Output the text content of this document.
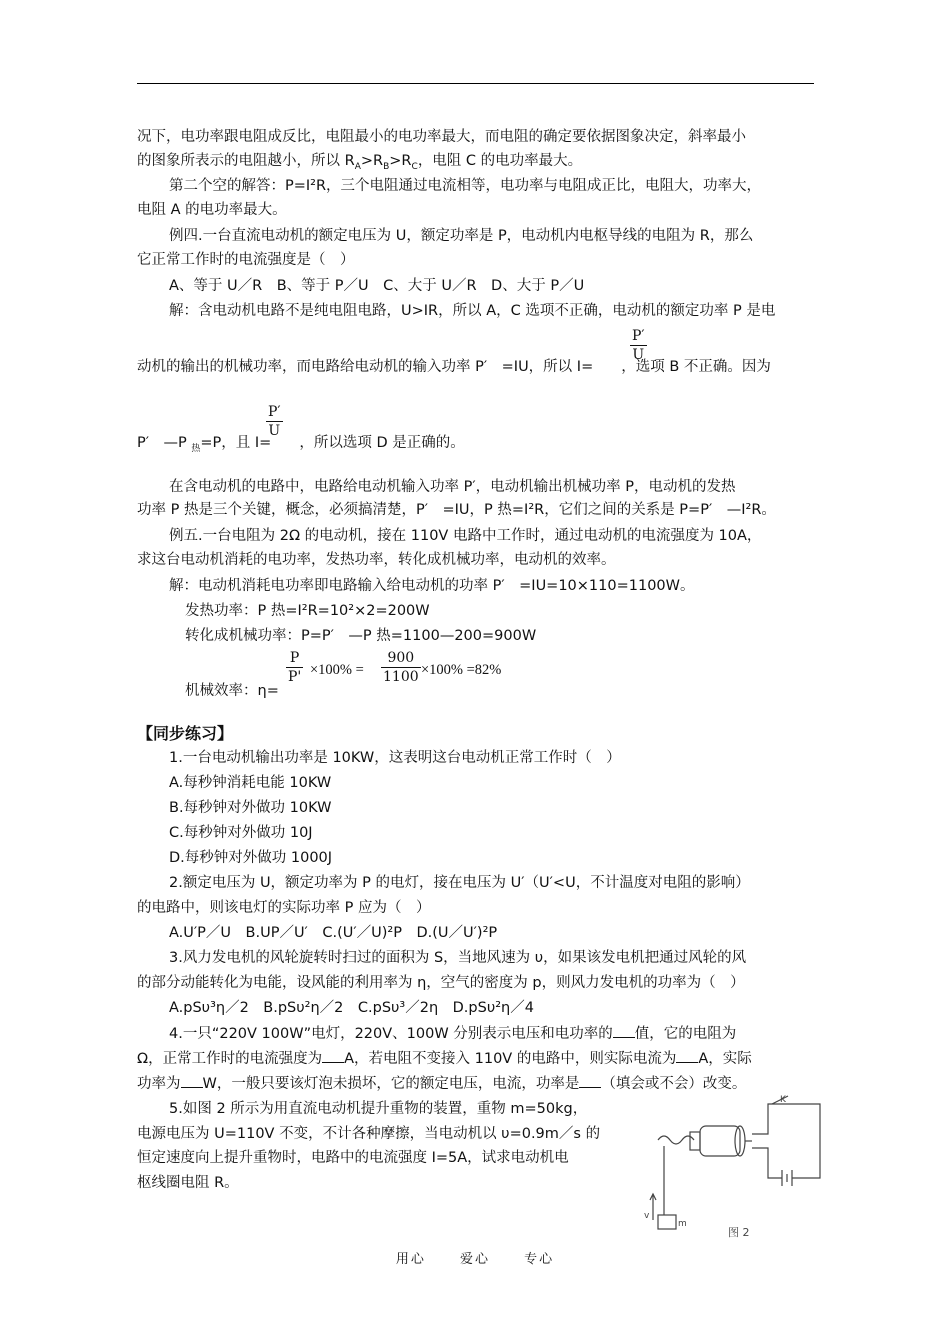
况下，电功率跟电阻成反比，电阻最小的电功率最大，而电阻的确定要依据图象决定，斜率最小
的图象所表示的电阻越小，所以 $R_A>R_B>R_C$，电阻 C 的电功率最大。
第二个空的解答：P=I²R，三个电阻通过电流相等，电功率与电阻成正比，电阻大，功率大，
电阻 A 的电功率最大。
例四.一台直流电动机的额定电压为 U，额定功率是 P，电动机内电枢导线的电阻为 R，那么
它正常工作时的电流强度是（　）
A、等于 U／R　B、等于 P／U　C、大于 U／R　D、大于 P／U
解：含电动机电路不是纯电阻电路，U>IR，所以 A，C 选项不正确，电动机的额定功率 P 是电
动机的输出的机械功率，而电路给电动机的输入功率 P′　=IU，所以 I= ，选项 B 不正确。因为
P′
U
P′　—P $_热$=P，且 I= ，所以选项 D 是正确的。
P′
U
在含电动机的电路中，电路给电动机输入功率 P′，电动机输出机械功率 P，电动机的发热
功率 P 热是三个关键，概念，必须搞清楚，P′　=IU，P 热=I²R，它们之间的关系是 P=P′　—I²R。
例五.一台电阻为 2Ω 的电动机，接在 110V 电路中工作时，通过电动机的电流强度为 10A，
求这台电动机消耗的电功率，发热功率，转化成机械功率，电动机的效率。
解：电动机消耗电功率即电路输入给电动机的功率 P′　=IU=10×110=1100W。
发热功率：P 热=I²R=10²×2=200W
转化成机械功率：P=P′　—P 热=1100—200=900W
机械效率：η=
P
P' ×100% =
900
1100 ×100% =82%
【同步练习】
1.一台电动机输出功率是 10KW，这表明这台电动机正常工作时（　）
A.每秒钟消耗电能 10KW
B.每秒钟对外做功 10KW
C.每秒钟对外做功 10J
D.每秒钟对外做功 1000J
2.额定电压为 U，额定功率为 P 的电灯，接在电压为 U′（U′<U，不计温度对电阻的影响）
的电路中，则该电灯的实际功率 P 应为（　）
A.U′P／U　B.UP／U′　C.(U′／U)²P　D.(U／U′)²P
3.风力发电机的风轮旋转时扫过的面积为 S，当地风速为 υ，如果该发电机把通过风轮的风
的部分动能转化为电能，设风能的利用率为 η，空气的密度为 p，则风力发电机的功率为（　）
A.pSυ³η／2　B.pSυ²η／2　C.pSυ³／2η　D.pSυ²η／4
4.一只“220V 100W”电灯，220V、100W 分别表示电压和电功率的 值，它的电阻为
Ω，正常工作时的电流强度为 A，若电阻不变接入 110V 的电路中，则实际电流为 A，实际
功率为 W，一般只要该灯泡未损坏，它的额定电压，电流，功率是 （填会或不会）改变。
5.如图 2 所示为用直流电动机提升重物的装置，重物 m=50kg，
电源电压为 U=110V 不变，不计各种摩擦，当电动机以 υ=0.9m／s 的
恒定速度向上提升重物时，电路中的电流强度 I=5A，试求电动机电
枢线圈电阻 R。
K
v
m
图 2
用心	爱心	专心
